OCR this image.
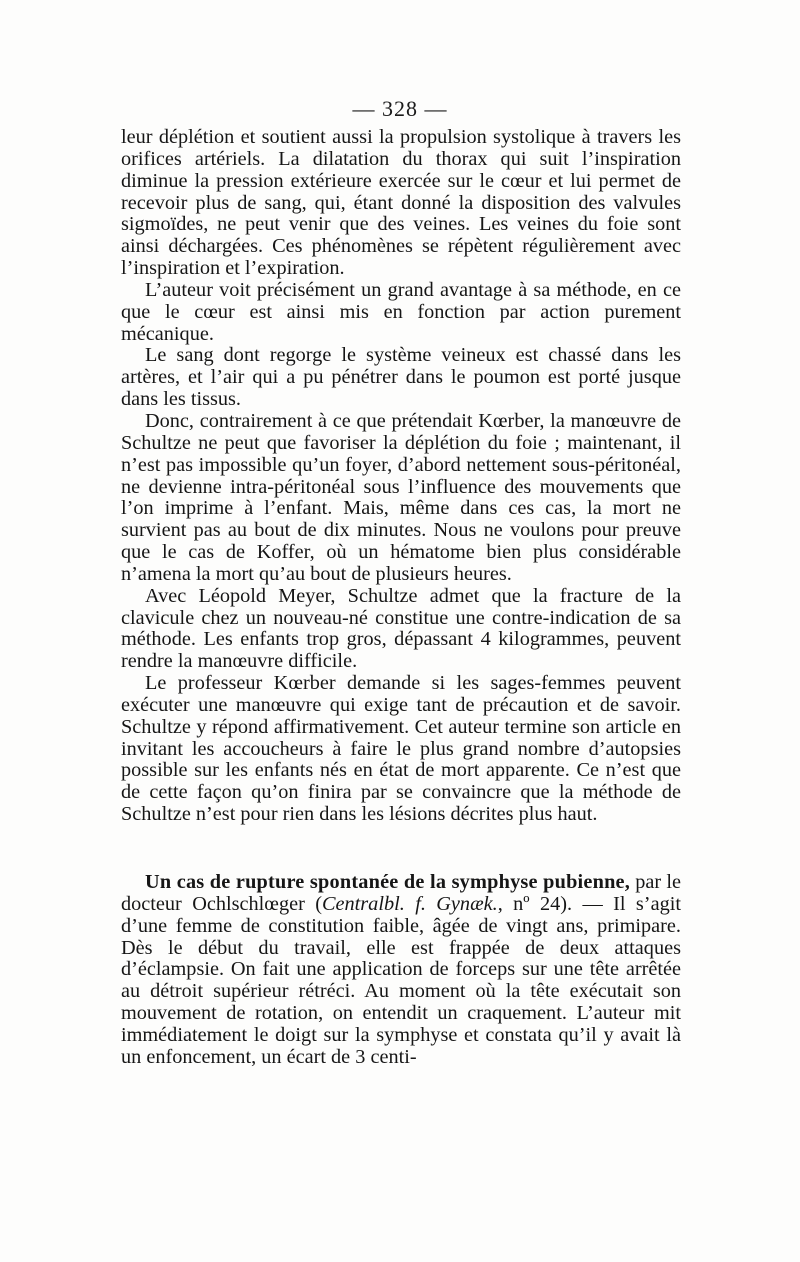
— 328 —

leur déplétion et soutient aussi la propulsion systolique à travers les orifices artériels. La dilatation du thorax qui suit l’inspiration diminue la pression extérieure exercée sur le cœur et lui permet de recevoir plus de sang, qui, étant donné la disposition des valvules sigmoïdes, ne peut venir que des veines. Les veines du foie sont ainsi déchargées. Ces phénomènes se répètent régulièrement avec l’inspiration et l’expiration.

L’auteur voit précisément un grand avantage à sa méthode, en ce que le cœur est ainsi mis en fonction par action purement mécanique.

Le sang dont regorge le système veineux est chassé dans les artères, et l’air qui a pu pénétrer dans le poumon est porté jusque dans les tissus.

Donc, contrairement à ce que prétendait Kœrber, la manœuvre de Schultze ne peut que favoriser la déplétion du foie ; maintenant, il n’est pas impossible qu’un foyer, d’abord nettement sous-péritonéal, ne devienne intra-péritonéal sous l’influence des mouvements que l’on imprime à l’enfant. Mais, même dans ces cas, la mort ne survient pas au bout de dix minutes. Nous ne voulons pour preuve que le cas de Koffer, où un hématome bien plus considérable n’amena la mort qu’au bout de plusieurs heures.

Avec Léopold Meyer, Schultze admet que la fracture de la clavicule chez un nouveau-né constitue une contre-indication de sa méthode. Les enfants trop gros, dépassant 4 kilogrammes, peuvent rendre la manœuvre difficile.

Le professeur Kœrber demande si les sages-femmes peuvent exécuter une manœuvre qui exige tant de précaution et de savoir. Schultze y répond affirmativement. Cet auteur termine son article en invitant les accoucheurs à faire le plus grand nombre d’autopsies possible sur les enfants nés en état de mort apparente. Ce n’est que de cette façon qu’on finira par se convaincre que la méthode de Schultze n’est pour rien dans les lésions décrites plus haut.

Un cas de rupture spontanée de la symphyse pubienne, par le docteur Ochlschlœger (Centralbl. f. Gynæk., nº 24). — Il s’agit d’une femme de constitution faible, âgée de vingt ans, primipare. Dès le début du travail, elle est frappée de deux attaques d’éclampsie. On fait une application de forceps sur une tête arrêtée au détroit supérieur rétréci. Au moment où la tête exécutait son mouvement de rotation, on entendit un craquement. L’auteur mit immédiatement le doigt sur la symphyse et constata qu’il y avait là un enfoncement, un écart de 3 centi-
